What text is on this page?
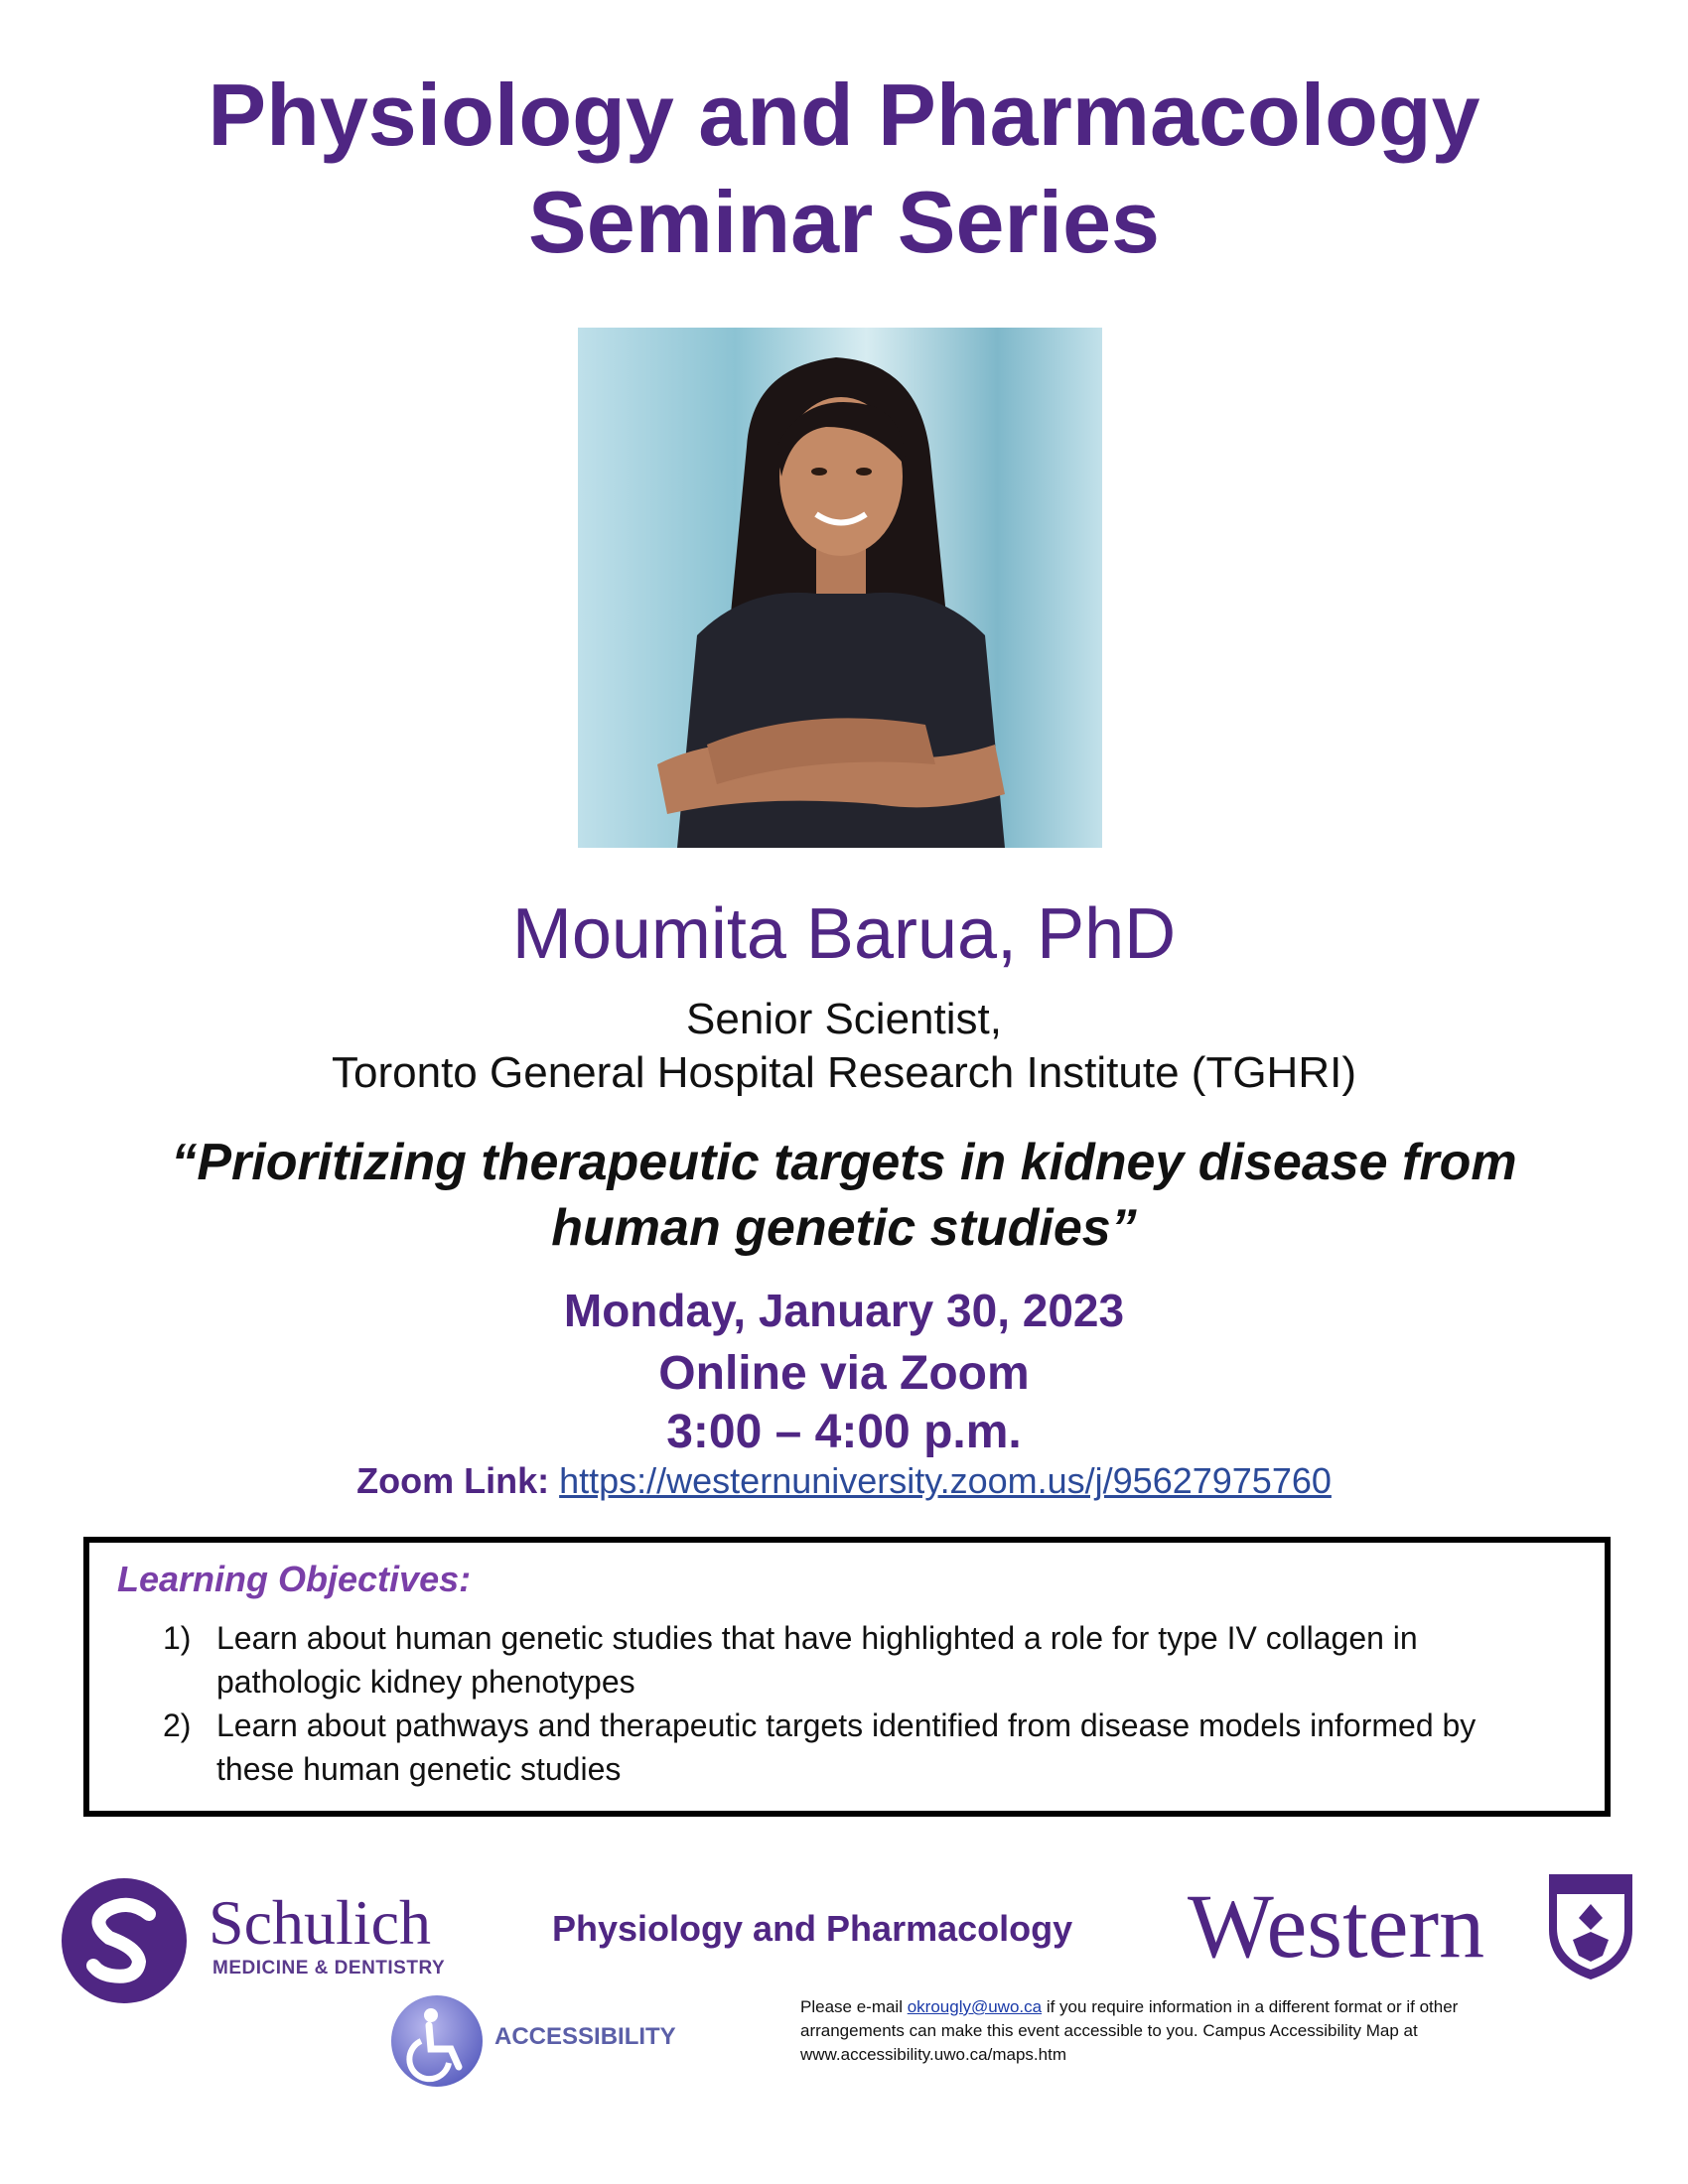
Physiology and Pharmacology
Seminar Series
Moumita Barua, PhD
Senior Scientist,
Toronto General Hospital Research Institute (TGHRI)
“Prioritizing therapeutic targets in kidney disease from
human genetic studies”
Monday, January 30, 2023
Online via Zoom
3:00 – 4:00 p.m.
Zoom Link: https://westernuniversity.zoom.us/j/95627975760
Learning Objectives:
1) Learn about human genetic studies that have highlighted a role for type IV collagen in
pathologic kidney phenotypes
2) Learn about pathways and therapeutic targets identified from disease models informed by
these human genetic studies
Schulich
MEDICINE & DENTISTRY
Physiology and Pharmacology Western
ACCESSIBILITY
Please e-mail okrougly@uwo.ca if you require information in a different format or if other arrangements can make this event accessible to you. Campus Accessibility Map at www.accessibility.uwo.ca/maps.htm
